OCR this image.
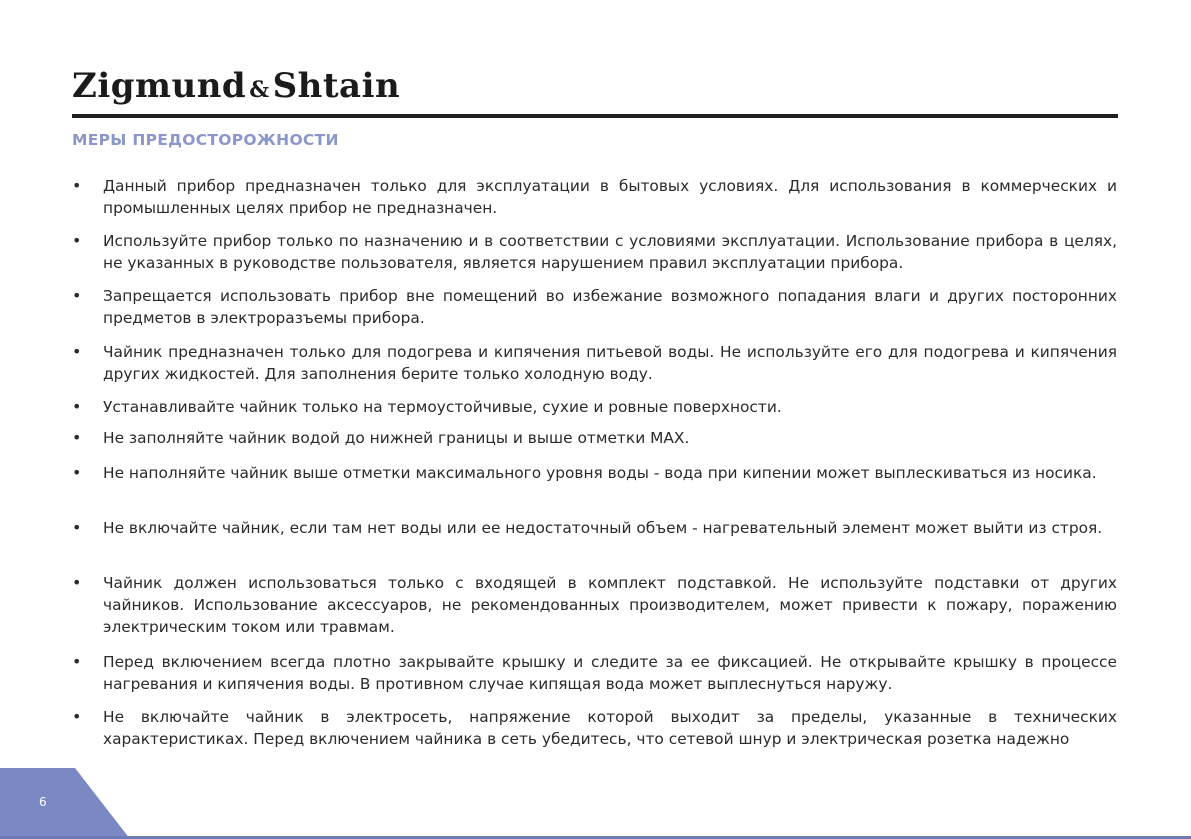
Zigmund &Shtain
МЕРЫ ПРЕДОСТОРОЖНОСТИ
• Данный прибор предназначен только для эксплуатации в бытовых условиях. Для использования в коммерческих и промышленных целях прибор не предназначен.
• Используйте прибор только по назначению и в соответствии с условиями эксплуатации. Использование прибора в целях, не указанных в руководстве пользователя, является нарушением правил эксплуатации прибора.
• Запрещается использовать прибор вне помещений во избежание возможного попадания влаги и других посторонних предметов в электроразъемы прибора.
• Чайник предназначен только для подогрева и кипячения питьевой воды. Не используйте его для подогрева и кипячения других жидкостей. Для заполнения берите только холодную воду.
• Устанавливайте чайник только на термоустойчивые, сухие и ровные поверхности.
• Не заполняйте чайник водой до нижней границы и выше отметки MAX.
• Не наполняйте чайник выше отметки максимального уровня воды - вода при кипении может выплескиваться из носика.
• Не включайте чайник, если там нет воды или ее недостаточный объем - нагревательный элемент может выйти из строя.
• Чайник должен использоваться только с входящей в комплект подставкой. Не используйте подставки от других чайников. Использование аксессуаров, не рекомендованных производителем, может привести к пожару, поражению электрическим током или травмам.
• Перед включением всегда плотно закрывайте крышку и следите за ее фиксацией. Не открывайте крышку в процессе нагревания и кипячения воды. В противном случае кипящая вода может выплеснуться наружу.
• Не включайте чайник в электросеть, напряжение которой выходит за пределы, указанные в технических характеристиках. Перед включением чайника в сеть убедитесь, что сетевой шнур и электрическая розетка надежно
6
